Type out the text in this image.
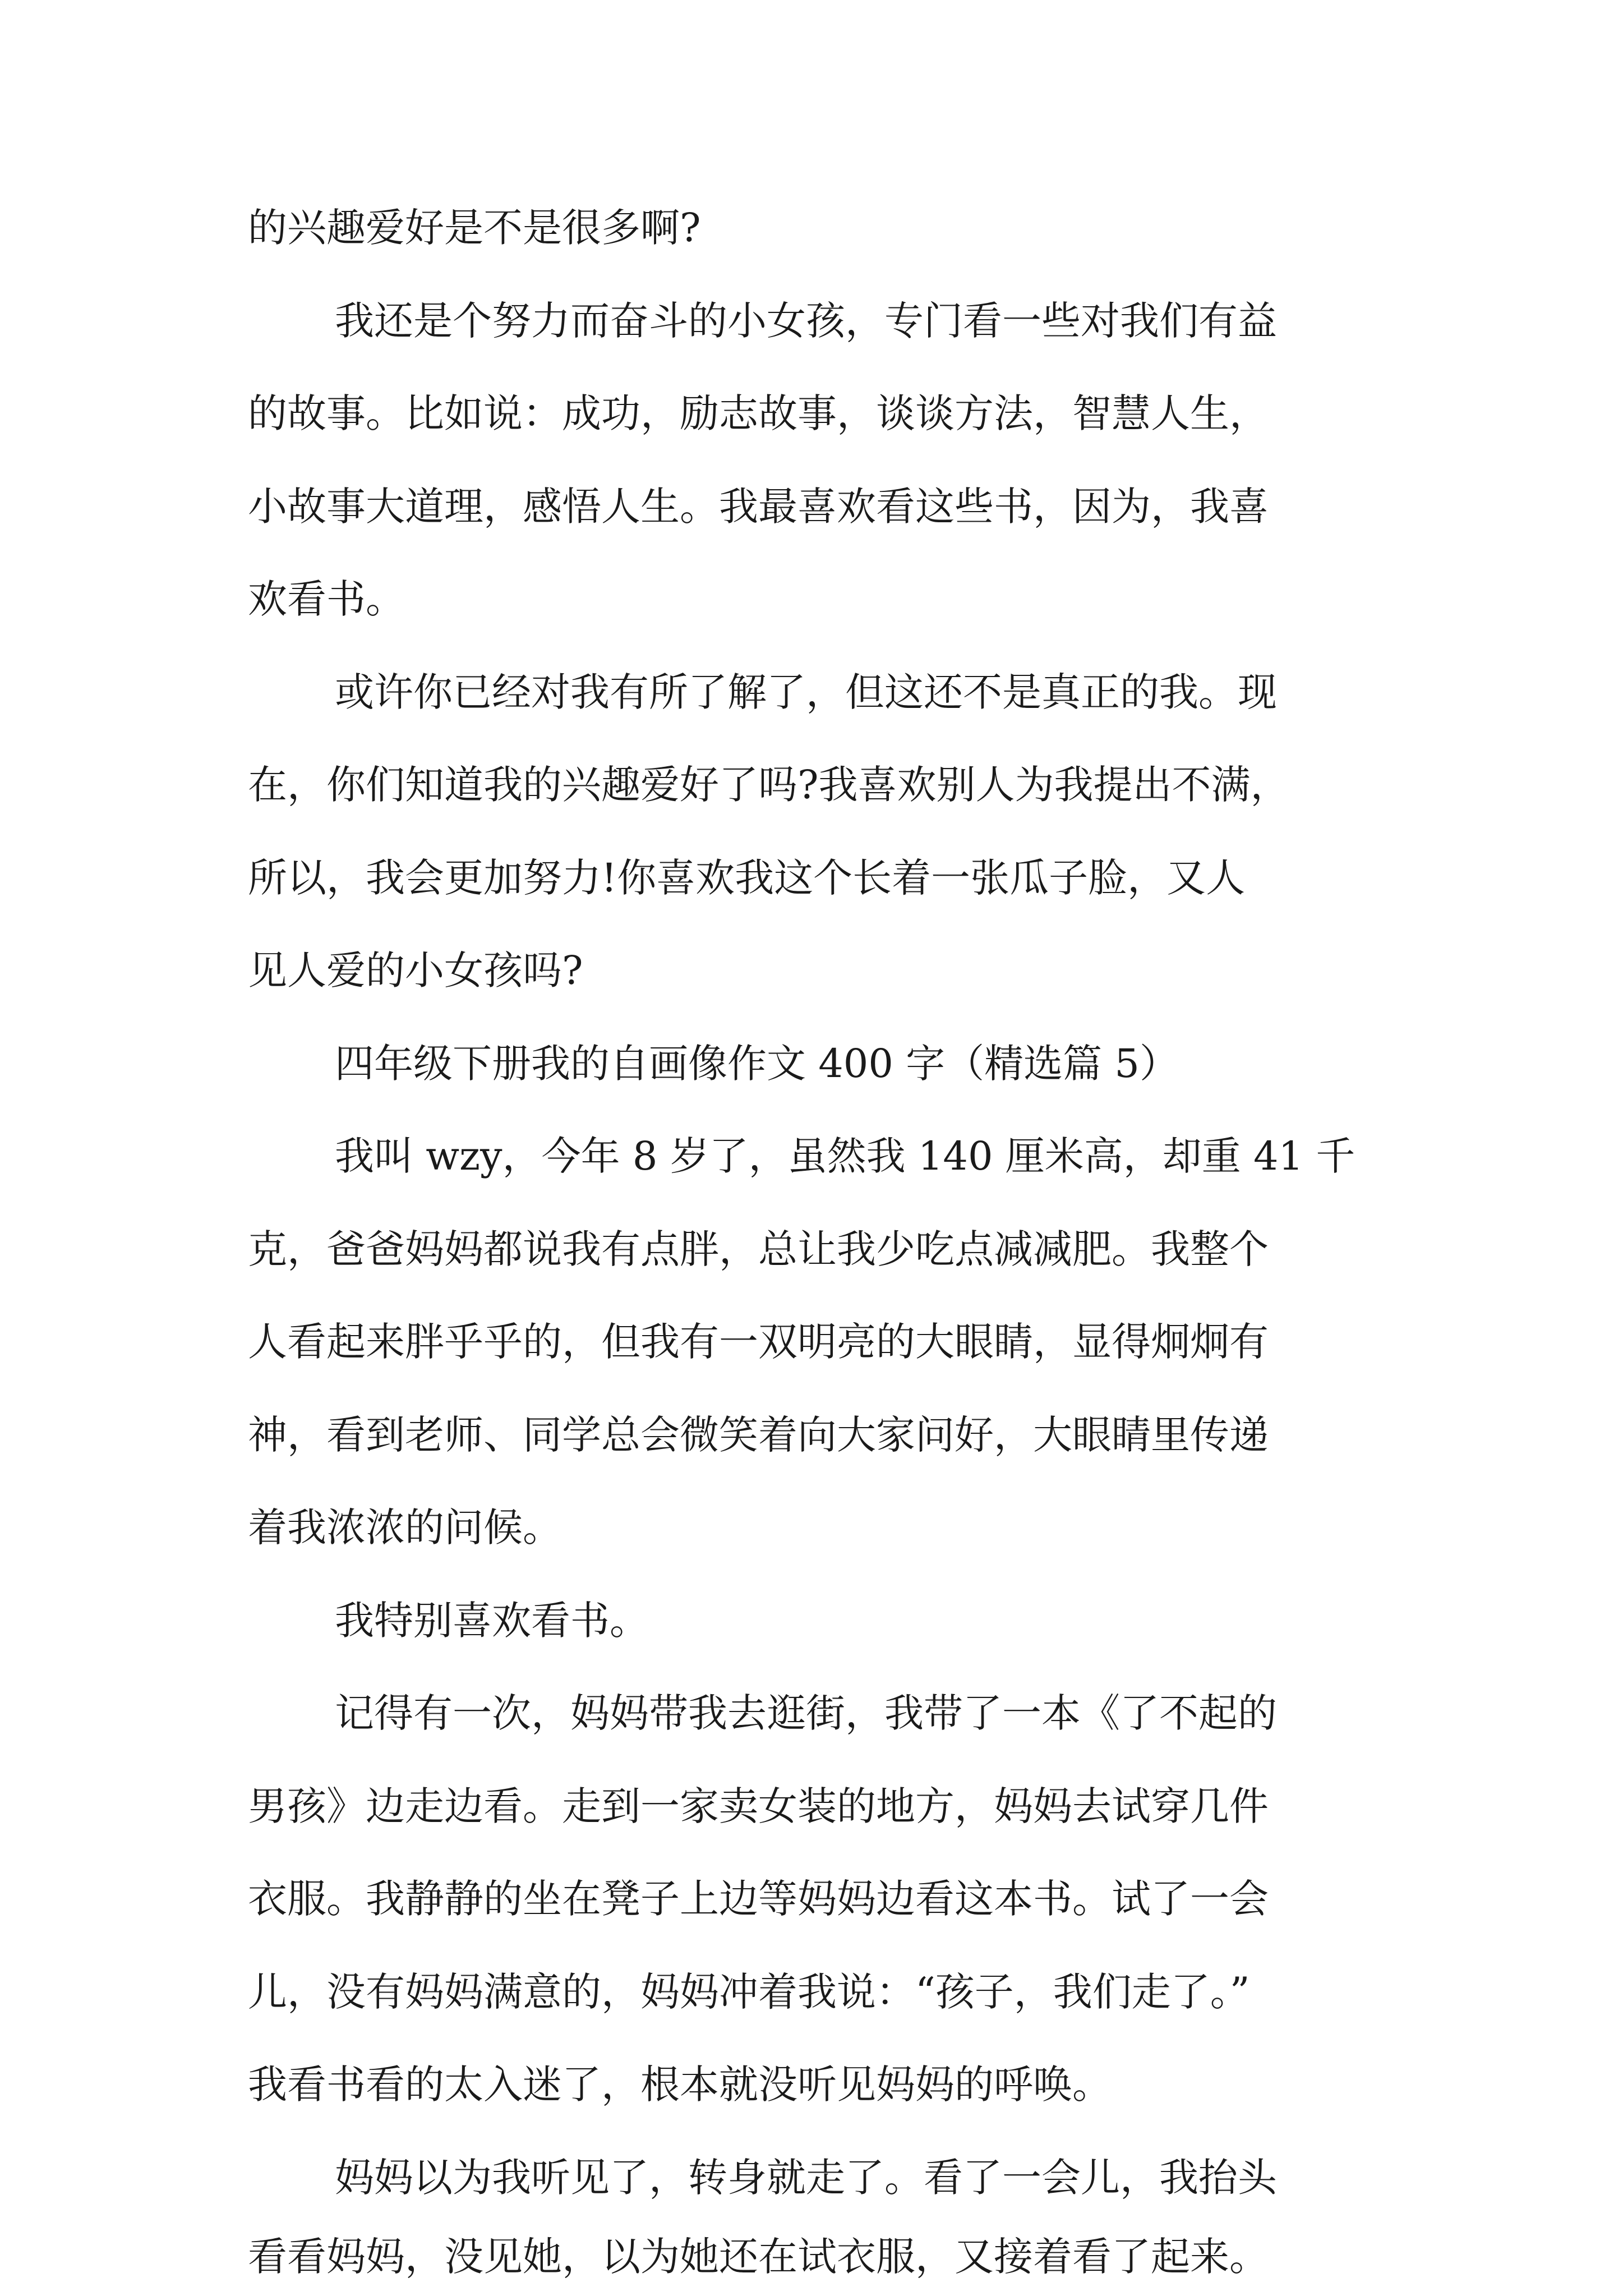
的兴趣爱好是不是很多啊?
我还是个努力而奋斗的小女孩，专门看一些对我们有益
的故事。比如说：成功，励志故事，谈谈方法，智慧人生，
小故事大道理，感悟人生。我最喜欢看这些书，因为，我喜
欢看书。
或许你已经对我有所了解了，但这还不是真正的我。现
在，你们知道我的兴趣爱好了吗?我喜欢别人为我提出不满，
所以，我会更加努力!你喜欢我这个长着一张瓜子脸，又人
见人爱的小女孩吗?
四年级下册我的自画像作文 400 字（精选篇 5）
我叫 wzy，今年 8 岁了，虽然我 140 厘米高，却重 41 千
克，爸爸妈妈都说我有点胖，总让我少吃点减减肥。我整个
人看起来胖乎乎的，但我有一双明亮的大眼睛，显得炯炯有
神，看到老师、同学总会微笑着向大家问好，大眼睛里传递
着我浓浓的问候。
我特别喜欢看书。
记得有一次，妈妈带我去逛街，我带了一本《了不起的
男孩》边走边看。走到一家卖女装的地方，妈妈去试穿几件
衣服。我静静的坐在凳子上边等妈妈边看这本书。试了一会
儿，没有妈妈满意的，妈妈冲着我说：“孩子，我们走了。”
我看书看的太入迷了，根本就没听见妈妈的呼唤。
妈妈以为我听见了，转身就走了。看了一会儿，我抬头
看看妈妈，没见她，以为她还在试衣服，又接着看了起来。
